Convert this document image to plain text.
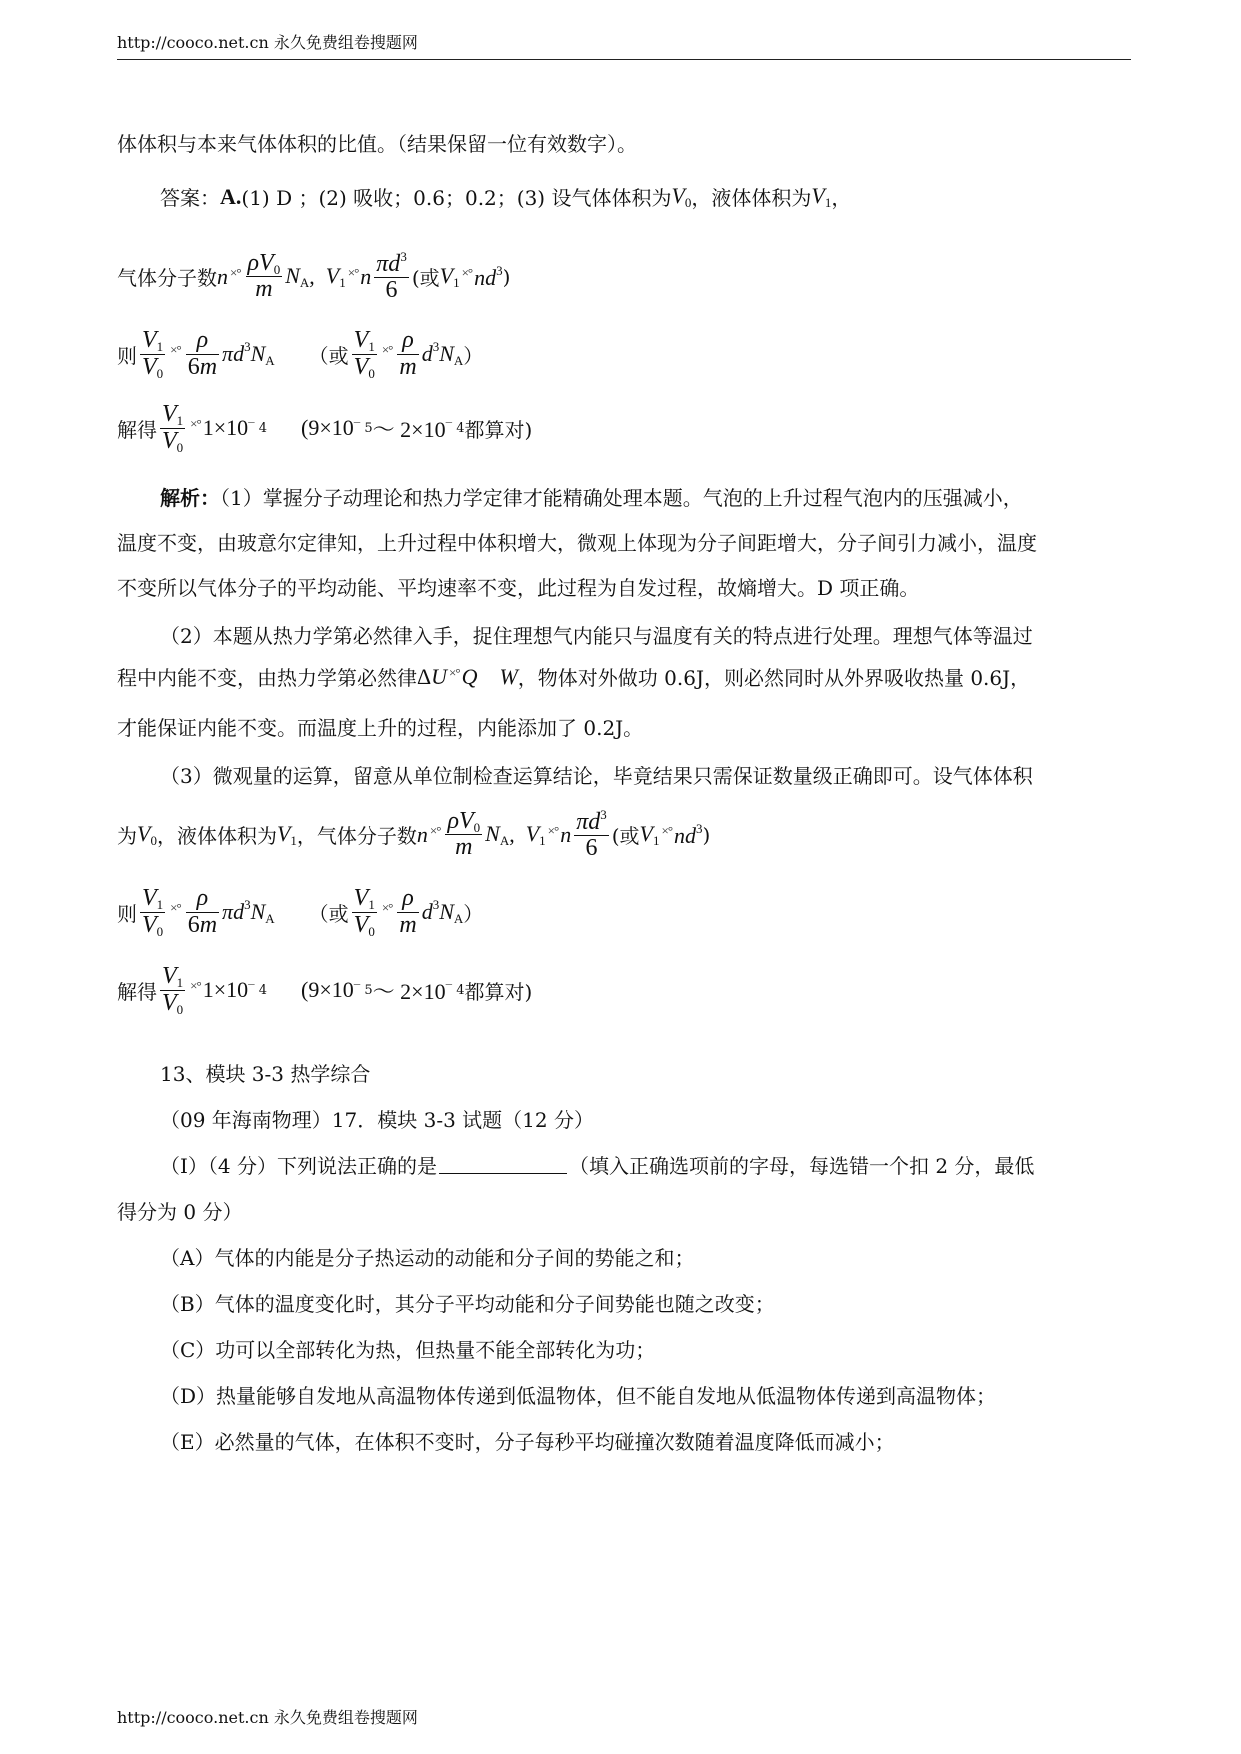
http://cooco.net.cn 永久免费组卷搜题网
体体积与本来气体体积的比值。（结果保留一位有效数字）。
答案： A. (1) D ；(2) 吸收；0.6；0.2；(3) 设气体体积为 $V_0$ ，液体体积为 $V_1$ ，
气体分子数 n ×° $\frac{\rho V_0}{m} N_A$ , $V_1$
×° n $\frac{\pi d^3}{6}$ (或 $V_1$
×° $nd^3$ )
则 $\frac{V_1}{V_0}$ ×° $\frac{\rho}{6m} \pi d^3N_A$ （或 $\frac{V_1}{V_0}$ ×° $\frac{\rho}{m} d^3N_A$ ）
解得 $\frac{V_1}{V_0}$ ×° 1×10 ‾ 4 (9×10 ‾ 5 ～ 2×10 ‾ 4 都算对)
解析：（1）掌握分子动理论和热力学定律才能精确处理本题。气泡的上升过程气泡内的压强减小，
温度不变，由玻意尔定律知，上升过程中体积增大，微观上体现为分子间距增大，分子间引力减小，温度
不变所以气体分子的平均动能、平均速率不变，此过程为自发过程，故熵增大。D 项正确。
（2）本题从热力学第必然律入手，捉住理想气内能只与温度有关的特点进行处理。理想气体等温过
程中内能不变，由热力学第必然律 Δ U ×° Q    W ，物体对外做功 0.6J，则必然同时从外界吸收热量 0.6J，
才能保证内能不变。而温度上升的过程，内能添加了 0.2J。
（3）微观量的运算，留意从单位制检查运算结论，毕竟结果只需保证数量级正确即可。设气体体积
为 $V_0$ ，液体体积为 $V_1$ ，气体分子数 n ×° $\frac{\rho V_0}{m} N_A$ , $V_1$
×° n $\frac{\pi d^3}{6}$ (或 $V_1$
×° $nd^3$ )
则 $\frac{V_1}{V_0}$ ×° $\frac{\rho}{6m} \pi d^3N_A$ （或 $\frac{V_1}{V_0}$ ×° $\frac{\rho}{m} d^3N_A$ ）
解得 $\frac{V_1}{V_0}$ ×° 1×10 ‾ 4 (9×10 ‾ 5 ～ 2×10 ‾ 4 都算对)
13、模块 3-3 热学综合
（09 年海南物理）17．模块 3-3 试题（12 分）
（I）（4 分）下列说法正确的是	（填入正确选项前的字母，每选错一个扣 2 分，最低
得分为 0 分）
（A）气体的内能是分子热运动的动能和分子间的势能之和；
（B）气体的温度变化时，其分子平均动能和分子间势能也随之改变；
（C）功可以全部转化为热，但热量不能全部转化为功；
（D）热量能够自发地从高温物体传递到低温物体，但不能自发地从低温物体传递到高温物体；
（E）必然量的气体，在体积不变时，分子每秒平均碰撞次数随着温度降低而减小；
http://cooco.net.cn 永久免费组卷搜题网
